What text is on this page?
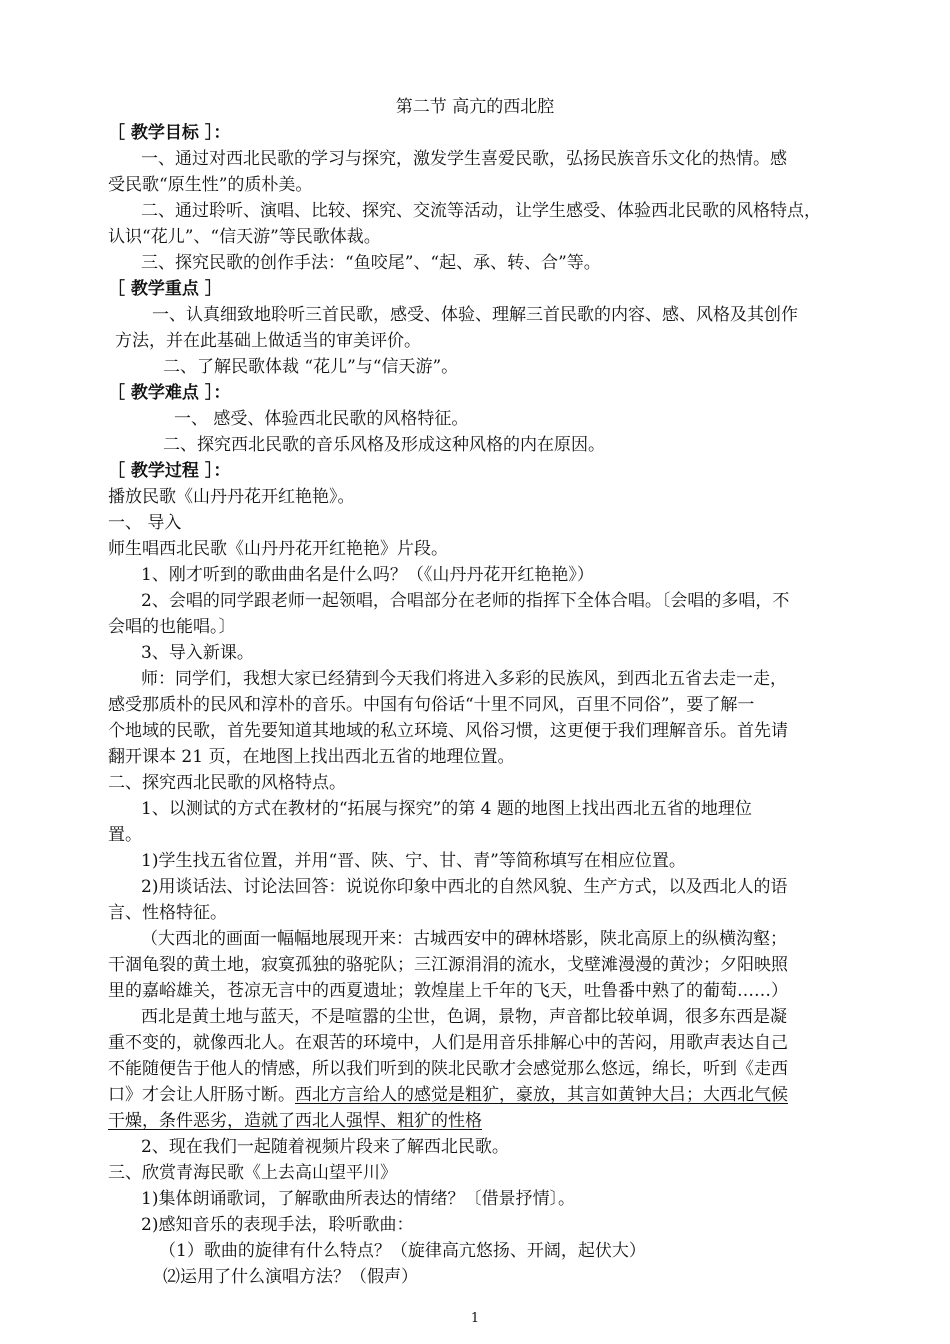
第二节 高亢的西北腔
［ 教学目标 ］：
一、通过对西北民歌的学习与探究，激发学生喜爱民歌，弘扬民族音乐文化的热情。感
受民歌“原生性”的质朴美。
二、通过聆听、演唱、比较、探究、交流等活动，让学生感受、体验西北民歌的风格特点，
认识“花儿”、“信天游”等民歌体裁。
三、探究民歌的创作手法：“鱼咬尾”、“起、承、转、合”等。
［ 教学重点 ］
一、认真细致地聆听三首民歌，感受、体验、理解三首民歌的内容、感、风格及其创作
方法，并在此基础上做适当的审美评价。
二、了解民歌体裁 “花儿”与“信天游”。
［ 教学难点 ］：
一、 感受、体验西北民歌的风格特征。
二、探究西北民歌的音乐风格及形成这种风格的内在原因。
［ 教学过程 ］：
播放民歌《山丹丹花开红艳艳》。
一、 导入
师生唱西北民歌《山丹丹花开红艳艳》片段。
1、刚才听到的歌曲曲名是什么吗？（《山丹丹花开红艳艳》）
2、会唱的同学跟老师一起领唱，合唱部分在老师的指挥下全体合唱。〔会唱的多唱，不
会唱的也能唱。〕
3、导入新课。
师：同学们，我想大家已经猜到今天我们将进入多彩的民族风，到西北五省去走一走，
感受那质朴的民风和淳朴的音乐。中国有句俗话“十里不同风，百里不同俗”，要了解一
个地域的民歌，首先要知道其地域的私立环境、风俗习惯，这更便于我们理解音乐。首先请
翻开课本 21 页，在地图上找出西北五省的地理位置。
二、探究西北民歌的风格特点。
1、以测试的方式在教材的“拓展与探究”的第 4 题的地图上找出西北五省的地理位
置。
1)学生找五省位置，并用“晋、陕、宁、甘、青”等简称填写在相应位置。
2)用谈话法、讨论法回答：说说你印象中西北的自然风貌、生产方式，以及西北人的语
言、性格特征。
（大西北的画面一幅幅地展现开来：古城西安中的碑林塔影，陕北高原上的纵横沟壑；
干涸龟裂的黄土地，寂寞孤独的骆驼队；三江源涓涓的流水，戈壁滩漫漫的黄沙；夕阳映照
里的嘉峪雄关，苍凉无言中的西夏遗址；敦煌崖上千年的飞天，吐鲁番中熟了的葡萄……）
西北是黄土地与蓝天，不是喧嚣的尘世，色调，景物，声音都比较单调，很多东西是凝
重不变的，就像西北人。在艰苦的环境中，人们是用音乐排解心中的苦闷，用歌声表达自己
不能随便告于他人的情感，所以我们听到的陕北民歌才会感觉那么悠远，绵长，听到《走西
口》才会让人肝肠寸断。西北方言给人的感觉是粗犷，豪放，其言如黄钟大吕；大西北气候
干燥，条件恶劣，造就了西北人强悍、粗犷的性格
2、现在我们一起随着视频片段来了解西北民歌。
三、欣赏青海民歌《上去高山望平川》
1)集体朗诵歌词，了解歌曲所表达的情绪？〔借景抒情〕。
2)感知音乐的表现手法，聆听歌曲：
（1）歌曲的旋律有什么特点？（旋律高亢悠扬、开阔，起伏大）
⑵运用了什么演唱方法？（假声）
1
